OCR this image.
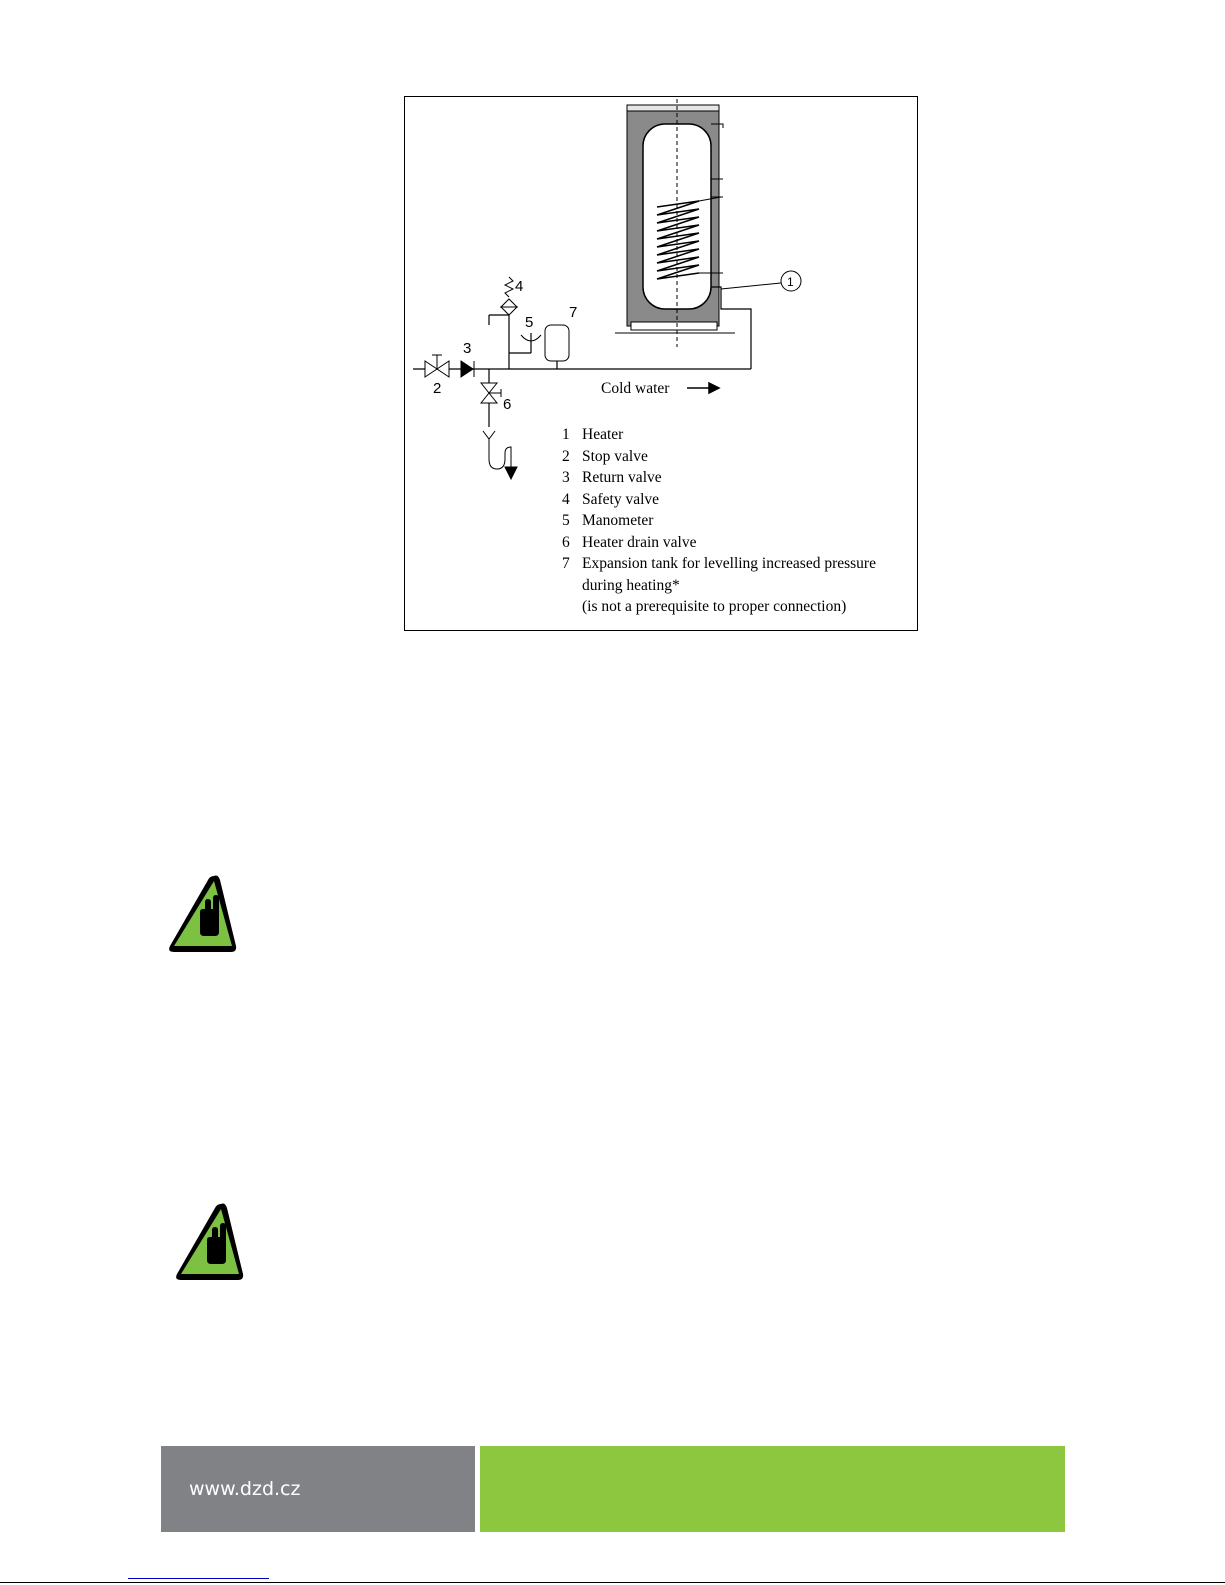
1
2
3
4
5
7
6
Cold water
1 Heater
2 Stop valve
3 Return valve
4 Safety valve
5 Manometer
6 Heater drain valve
7 Expansion tank for levelling increased pressure
during heating*
(is not a prerequisite to proper connection)
www.dzd.cz
